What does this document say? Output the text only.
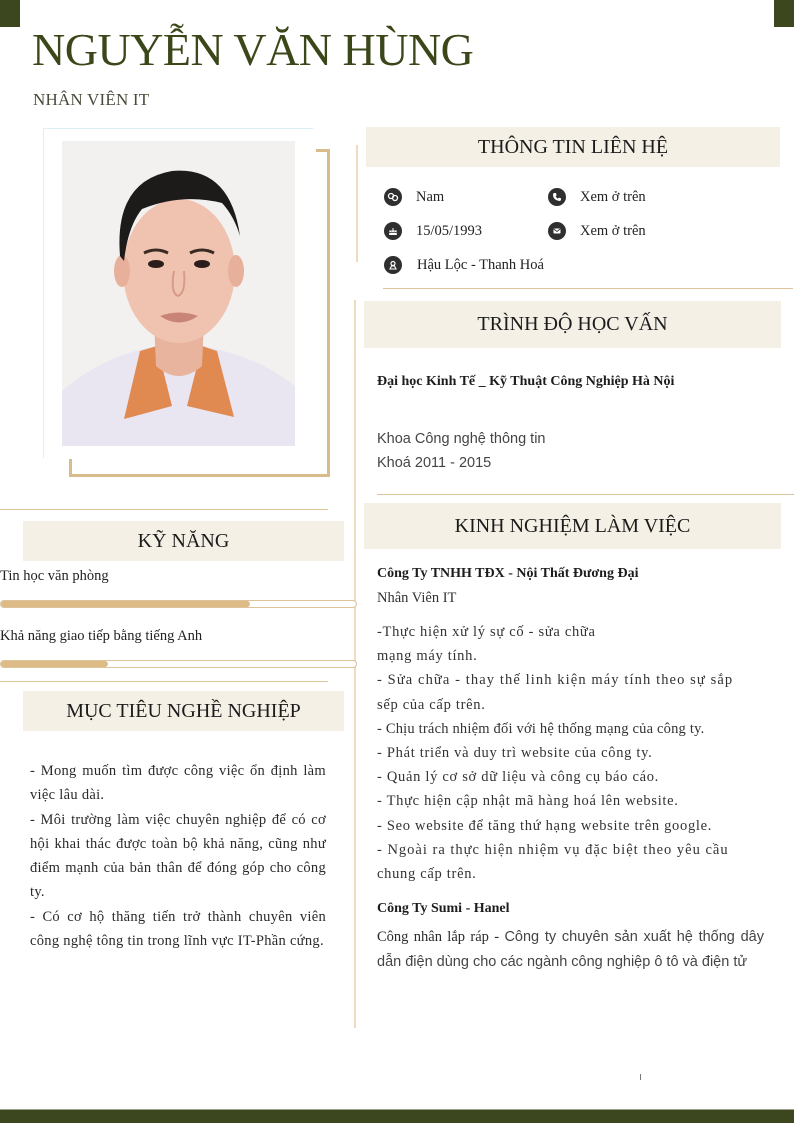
NGUYỄN VĂN HÙNG
NHÂN VIÊN IT
THÔNG TIN LIÊN HỆ
Nam	Xem ở trên
15/05/1993	Xem ở trên
Hậu Lộc - Thanh Hoá
TRÌNH ĐỘ HỌC VẤN
Đại học Kinh Tế _ Kỹ Thuật Công Nghiệp Hà Nội
Khoa Công nghệ thông tin
Khoá 2011 - 2015
KINH NGHIỆM LÀM VIỆC
Công Ty TNHH TĐX - Nội Thất Đương Đại
Nhân Viên IT
-Thực hiện xử lý sự cố - sửa chữa
mạng máy tính.
- Sửa chữa - thay thế linh kiện máy tính theo sự sắp
sếp của cấp trên.
- Chịu trách nhiệm đối với hệ thống mạng của công ty.
- Phát triển và duy trì website của công ty.
- Quản lý cơ sở dữ liệu và công cụ báo cáo.
- Thực hiện cập nhật mã hàng hoá lên website.
- Seo website để tăng thứ hạng website trên google.
- Ngoài ra thực hiện nhiệm vụ đặc biệt theo yêu cầu
chung cấp trên.
Công Ty Sumi - Hanel
Công nhân lắp ráp - Công ty chuyên sản xuất hệ thống dây dẫn điện dùng cho các ngành công nghiệp ô tô và điện tử
KỸ NĂNG
Tin học văn phòng
Khả năng giao tiếp bằng tiếng Anh
MỤC TIÊU NGHỀ NGHIỆP
- Mong muốn tìm được công việc ổn định làm việc lâu dài.
- Môi trường làm việc chuyên nghiệp để có cơ hội khai thác được toàn bộ khả năng, cũng như điểm mạnh của bản thân để đóng góp cho công ty.
- Có cơ hộ thăng tiến trở thành chuyên viên công nghệ tông tin trong lĩnh vực IT-Phần cứng.
